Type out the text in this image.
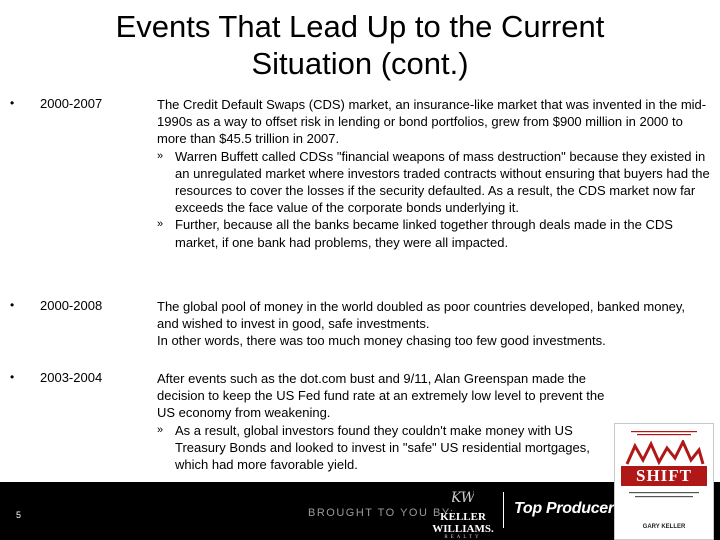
Events That Lead Up to the Current Situation (cont.)
• 2000-2007	The Credit Default Swaps (CDS) market, an insurance-like market that was invented in the mid-1990s as a way to offset risk in lending or bond portfolios, grew from $900 million in 2000 to more than $45.5 trillion in 2007.

» Warren Buffett called CDSs "financial weapons of mass destruction" because they existed in an unregulated market where investors traded contracts without ensuring that buyers had the resources to cover the losses if the security defaulted. As a result, the CDS market now far exceeds the face value of the corporate bonds underlying it.

» Further, because all the banks became linked together through deals made in the CDS market, if one bank had problems, they were all impacted.

• 2000-2008	The global pool of money in the world doubled as poor countries developed, banked money, and wished to invest in good, safe investments.

In other words, there was too much money chasing too few good investments.

• 2003-2004	After events such as the dot.com bust and 9/11, Alan Greenspan made the decision to keep the US Fed fund rate at an extremely low level to prevent the US economy from weakening.

» As a result, global investors found they couldn't make money with US Treasury Bonds and looked to invest in "safe" US residential mortgages, which had more favorable yield.

5	BROUGHT TO YOU BY:
KW
KELLER WILLIAMS.
REALTY
Top Producer
SHIFT
GARY KELLER
